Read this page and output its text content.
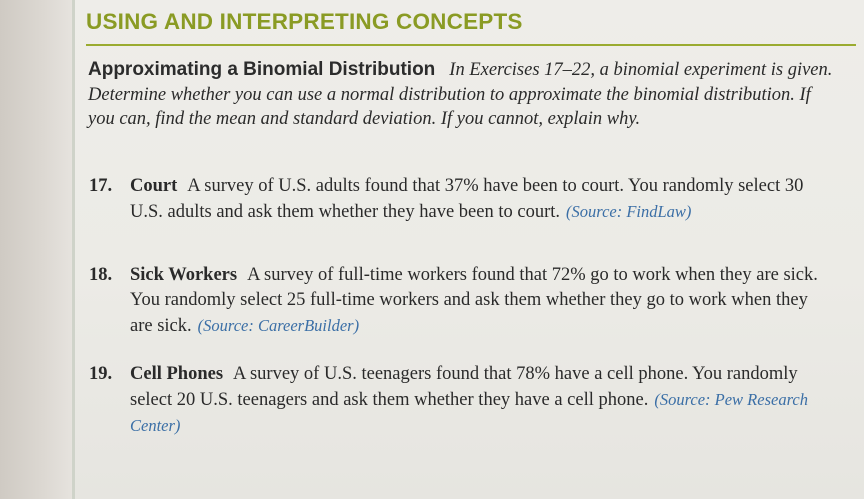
USING AND INTERPRETING CONCEPTS
Approximating a Binomial Distribution In Exercises 17–22, a binomial experiment is given. Determine whether you can use a normal distribution to approximate the binomial distribution. If you can, find the mean and standard deviation. If you cannot, explain why.
17. Court A survey of U.S. adults found that 37% have been to court. You randomly select 30 U.S. adults and ask them whether they have been to court. (Source: FindLaw)
18. Sick Workers A survey of full-time workers found that 72% go to work when they are sick. You randomly select 25 full-time workers and ask them whether they go to work when they are sick. (Source: CareerBuilder)
19. Cell Phones A survey of U.S. teenagers found that 78% have a cell phone. You randomly select 20 U.S. teenagers and ask them whether they have a cell phone. (Source: Pew Research Center)
